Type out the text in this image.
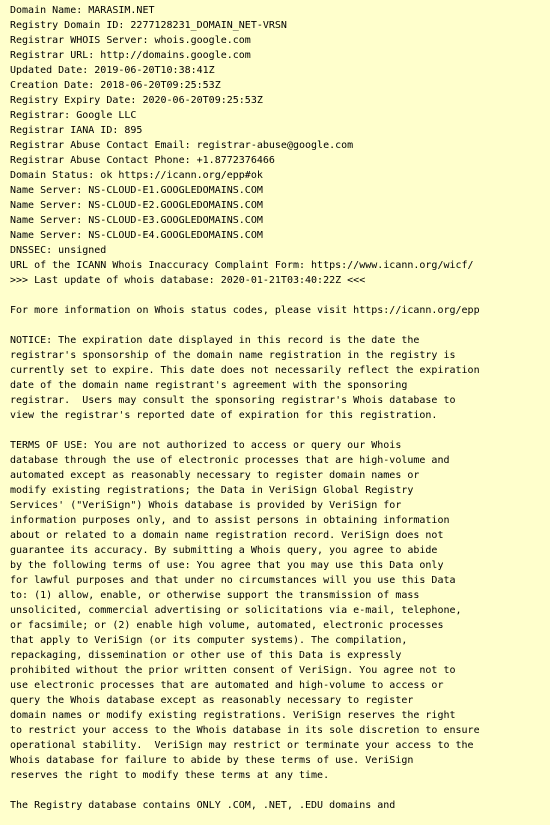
Domain Name: MARASIM.NET
Registry Domain ID: 2277128231_DOMAIN_NET-VRSN
Registrar WHOIS Server: whois.google.com
Registrar URL: http://domains.google.com
Updated Date: 2019-06-20T10:38:41Z
Creation Date: 2018-06-20T09:25:53Z
Registry Expiry Date: 2020-06-20T09:25:53Z
Registrar: Google LLC
Registrar IANA ID: 895
Registrar Abuse Contact Email: registrar-abuse@google.com
Registrar Abuse Contact Phone: +1.8772376466
Domain Status: ok https://icann.org/epp#ok
Name Server: NS-CLOUD-E1.GOOGLEDOMAINS.COM
Name Server: NS-CLOUD-E2.GOOGLEDOMAINS.COM
Name Server: NS-CLOUD-E3.GOOGLEDOMAINS.COM
Name Server: NS-CLOUD-E4.GOOGLEDOMAINS.COM
DNSSEC: unsigned
URL of the ICANN Whois Inaccuracy Complaint Form: https://www.icann.org/wicf/
>>> Last update of whois database: 2020-01-21T03:40:22Z <<<
For more information on Whois status codes, please visit https://icann.org/epp
NOTICE: The expiration date displayed in this record is the date the
registrar's sponsorship of the domain name registration in the registry is
currently set to expire. This date does not necessarily reflect the expiration
date of the domain name registrant's agreement with the sponsoring
registrar.  Users may consult the sponsoring registrar's Whois database to
view the registrar's reported date of expiration for this registration.
TERMS OF USE: You are not authorized to access or query our Whois
database through the use of electronic processes that are high-volume and
automated except as reasonably necessary to register domain names or
modify existing registrations; the Data in VeriSign Global Registry
Services' ("VeriSign") Whois database is provided by VeriSign for
information purposes only, and to assist persons in obtaining information
about or related to a domain name registration record. VeriSign does not
guarantee its accuracy. By submitting a Whois query, you agree to abide
by the following terms of use: You agree that you may use this Data only
for lawful purposes and that under no circumstances will you use this Data
to: (1) allow, enable, or otherwise support the transmission of mass
unsolicited, commercial advertising or solicitations via e-mail, telephone,
or facsimile; or (2) enable high volume, automated, electronic processes
that apply to VeriSign (or its computer systems). The compilation,
repackaging, dissemination or other use of this Data is expressly
prohibited without the prior written consent of VeriSign. You agree not to
use electronic processes that are automated and high-volume to access or
query the Whois database except as reasonably necessary to register
domain names or modify existing registrations. VeriSign reserves the right
to restrict your access to the Whois database in its sole discretion to ensure
operational stability.  VeriSign may restrict or terminate your access to the
Whois database for failure to abide by these terms of use. VeriSign
reserves the right to modify these terms at any time.
The Registry database contains ONLY .COM, .NET, .EDU domains and
